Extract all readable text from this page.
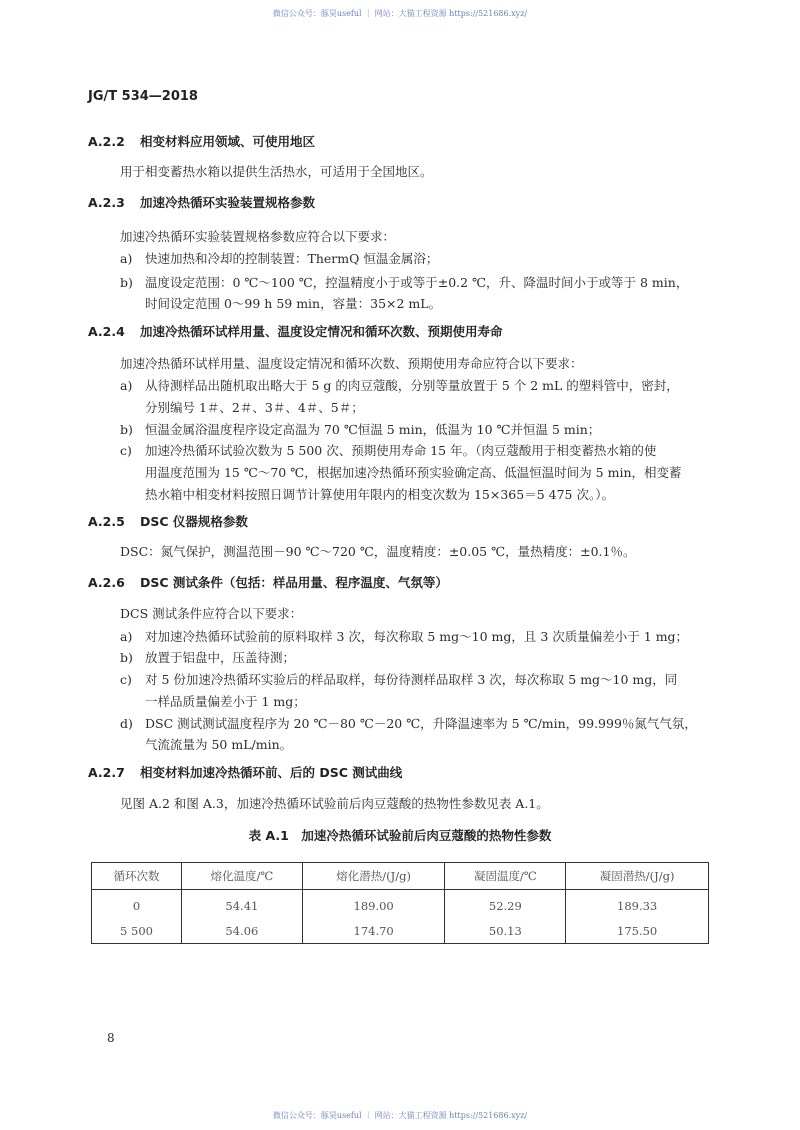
微信公众号：豚昊useful ｜ 网站：大猫工程资源 https://521686.xyz/
JG/T 534—2018
A.2.2 相变材料应用领域、可使用地区
用于相变蓄热水箱以提供生活热水，可适用于全国地区。
A.2.3 加速冷热循环实验装置规格参数
加速冷热循环实验装置规格参数应符合以下要求：
a) 快速加热和冷却的控制装置：ThermQ 恒温金属浴；
b) 温度设定范围：0 ℃～100 ℃，控温精度小于或等于±0.2 ℃，升、降温时间小于或等于 8 min，
时间设定范围 0～99 h 59 min，容量：35×2 mL。
A.2.4 加速冷热循环试样用量、温度设定情况和循环次数、预期使用寿命
加速冷热循环试样用量、温度设定情况和循环次数、预期使用寿命应符合以下要求：
a) 从待测样品出随机取出略大于 5 g 的肉豆蔻酸，分别等量放置于 5 个 2 mL 的塑料管中，密封，
分别编号 1＃、2＃、3＃、4＃、5＃；
b) 恒温金属浴温度程序设定高温为 70 ℃恒温 5 min，低温为 10 ℃并恒温 5 min；
c) 加速冷热循环试验次数为 5 500 次、预期使用寿命 15 年。（肉豆蔻酸用于相变蓄热水箱的使
用温度范围为 15 ℃～70 ℃，根据加速冷热循环预实验确定高、低温恒温时间为 5 min，相变蓄
热水箱中相变材料按照日调节计算使用年限内的相变次数为 15×365＝5 475 次。）。
A.2.5 DSC 仪器规格参数
DSC：氮气保护，测温范围－90 ℃～720 ℃，温度精度：±0.05 ℃，量热精度：±0.1％。
A.2.6 DSC 测试条件（包括：样品用量、程序温度、气氛等）
DCS 测试条件应符合以下要求：
a) 对加速冷热循环试验前的原料取样 3 次，每次称取 5 mg～10 mg，且 3 次质量偏差小于 1 mg；
b) 放置于铝盘中，压盖待测；
c) 对 5 份加速冷热循环实验后的样品取样，每份待测样品取样 3 次，每次称取 5 mg～10 mg，同
一样品质量偏差小于 1 mg；
d) DSC 测试测试温度程序为 20 ℃－80 ℃－20 ℃，升降温速率为 5 ℃/min，99.999％氮气气氛，
气流流量为 50 mL/min。
A.2.7 相变材料加速冷热循环前、后的 DSC 测试曲线
见图 A.2 和图 A.3，加速冷热循环试验前后肉豆蔻酸的热物性参数见表 A.1。
表 A.1　加速冷热循环试验前后肉豆蔻酸的热物性参数
循环次数	熔化温度/℃	熔化潜热/(J/g)	凝固温度/℃	凝固潜热/(J/g)
0	54.41	189.00	52.29	189.33
5 500	54.06	174.70	50.13	175.50
8
微信公众号：豚昊useful ｜ 网站：大猫工程资源 https://521686.xyz/
